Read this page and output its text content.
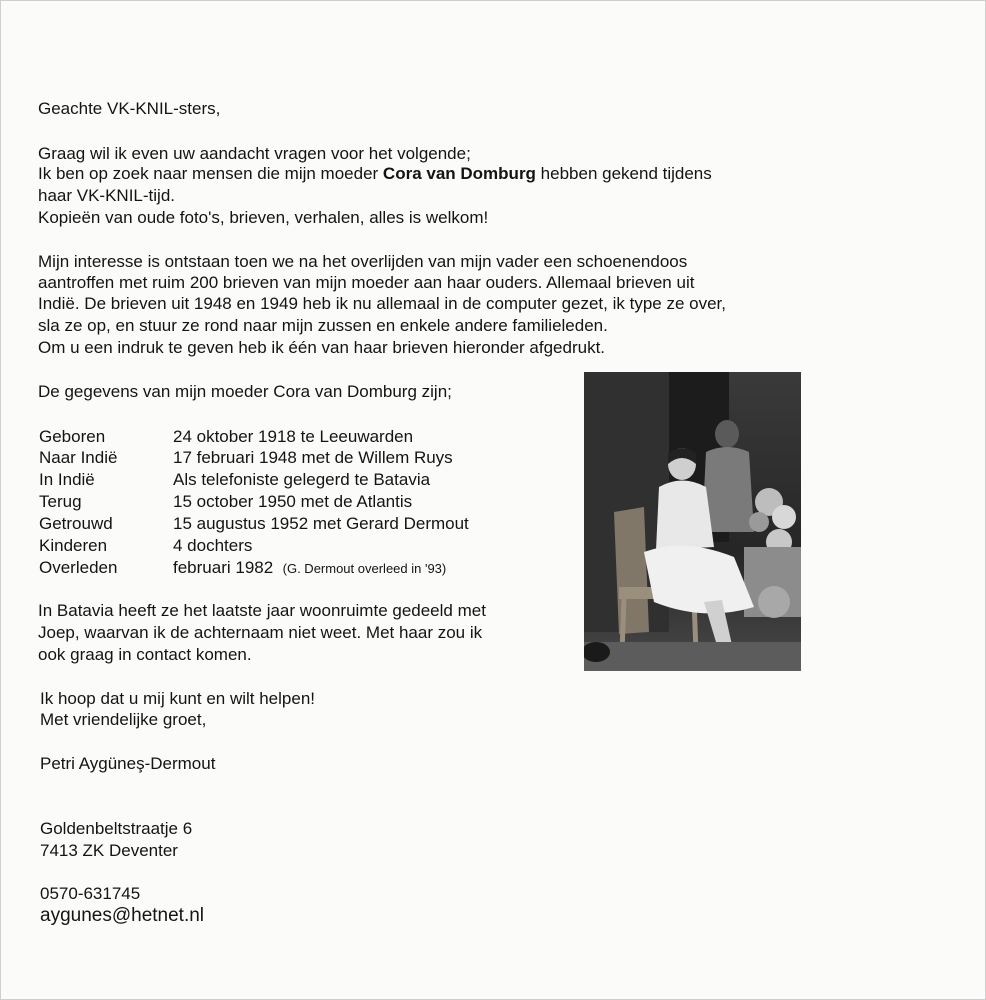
Geachte VK-KNIL-sters,
Graag wil ik even uw aandacht vragen voor het volgende;
Ik ben op zoek naar mensen die mijn moeder Cora van Domburg hebben gekend tijdens
haar VK-KNIL-tijd.
Kopieën van oude foto's, brieven, verhalen, alles is welkom!
Mijn interesse is ontstaan toen we na het overlijden van mijn vader een schoenendoos
aantroffen met ruim 200 brieven van mijn moeder aan haar ouders. Allemaal brieven uit
Indië. De brieven uit 1948 en 1949 heb ik nu allemaal in de computer gezet, ik type ze over,
sla ze op, en stuur ze rond naar mijn zussen en enkele andere familieleden.
Om u een indruk te geven heb ik één van haar brieven hieronder afgedrukt.
De gegevens van mijn moeder Cora van Domburg zijn;
Geboren	24 oktober 1918 te Leeuwarden
Naar Indië	17 februari 1948 met de Willem Ruys
In Indië	Als telefoniste gelegerd te Batavia
Terug	15 october 1950 met de Atlantis
Getrouwd	15 augustus 1952 met Gerard Dermout
Kinderen	4 dochters
Overleden	februari 1982 (G. Dermout overleed in '93)
In Batavia heeft ze het laatste jaar woonruimte gedeeld met
Joep, waarvan ik de achternaam niet weet. Met haar zou ik
ook graag in contact komen.
Ik hoop dat u mij kunt en wilt helpen!
Met vriendelijke groet,
Petri Aygüneş-Dermout
Goldenbeltstraatje 6
7413 ZK Deventer
0570-631745
aygunes@hetnet.nl
